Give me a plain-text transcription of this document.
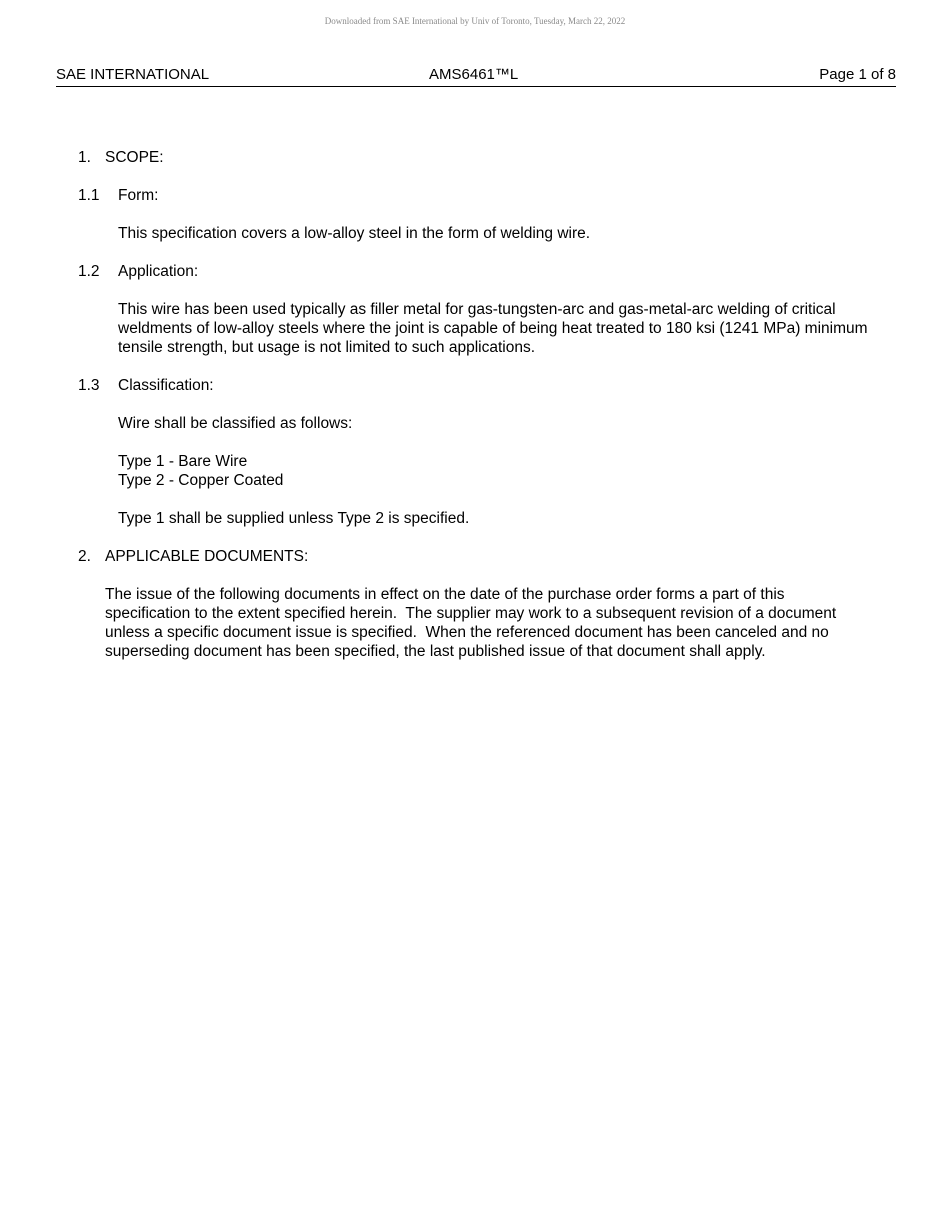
Downloaded from SAE International by Univ of Toronto, Tuesday, March 22, 2022
SAE INTERNATIONAL	AMS6461™L	Page 1 of 8
1. SCOPE:
1.1 Form:

This specification covers a low-alloy steel in the form of welding wire.

1.2 Application:

This wire has been used typically as filler metal for gas-tungsten-arc and gas-metal-arc welding of critical weldments of low-alloy steels where the joint is capable of being heat treated to 180 ksi (1241 MPa) minimum tensile strength, but usage is not limited to such applications.

1.3 Classification:

Wire shall be classified as follows:

Type 1 - Bare Wire
Type 2 - Copper Coated

Type 1 shall be supplied unless Type 2 is specified.

2. APPLICABLE DOCUMENTS:

The issue of the following documents in effect on the date of the purchase order forms a part of this specification to the extent specified herein.  The supplier may work to a subsequent revision of a document unless a specific document issue is specified.  When the referenced document has been canceled and no superseding document has been specified, the last published issue of that document shall apply.
